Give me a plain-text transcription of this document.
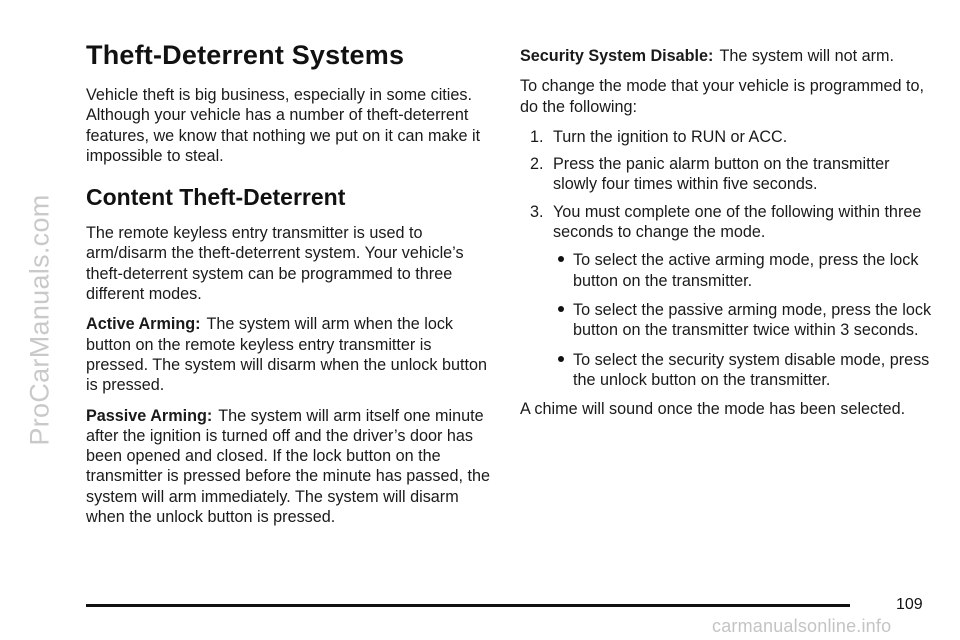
ProCarManuals.com
Theft-Deterrent Systems

Vehicle theft is big business, especially in some cities. Although your vehicle has a number of theft-deterrent features, we know that nothing we put on it can make it impossible to steal.

Content Theft-Deterrent

The remote keyless entry transmitter is used to arm/disarm the theft-deterrent system. Your vehicle’s theft-deterrent system can be programmed to three different modes.

Active Arming: The system will arm when the lock button on the remote keyless entry transmitter is pressed. The system will disarm when the unlock button is pressed.

Passive Arming: The system will arm itself one minute after the ignition is turned off and the driver’s door has been opened and closed. If the lock button on the transmitter is pressed before the minute has passed, the system will arm immediately. The system will disarm when the unlock button is pressed.

Security System Disable: The system will not arm.

To change the mode that your vehicle is programmed to, do the following:

1. Turn the ignition to RUN or ACC.
2. Press the panic alarm button on the transmitter slowly four times within five seconds.
3. You must complete one of the following within three seconds to change the mode.
To select the active arming mode, press the lock button on the transmitter.
To select the passive arming mode, press the lock button on the transmitter twice within 3 seconds.
To select the security system disable mode, press the unlock button on the transmitter.

A chime will sound once the mode has been selected.

109
carmanualsonline.info
